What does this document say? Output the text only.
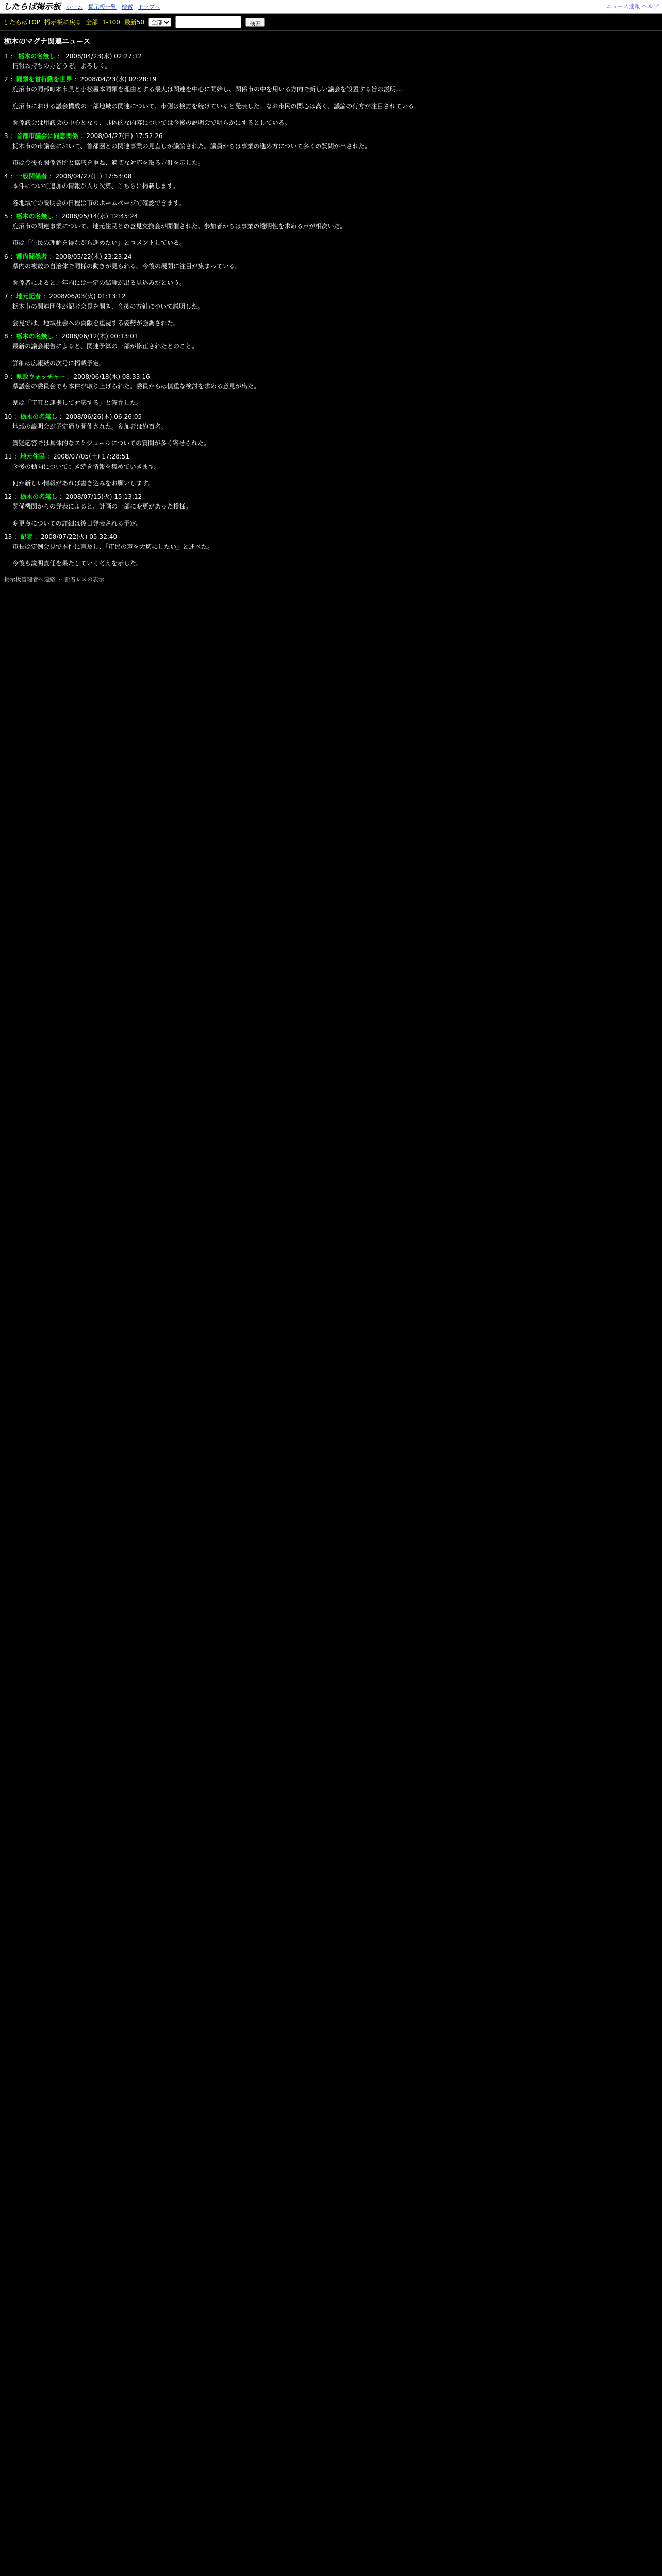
したらば掲示板 ホーム 掲示板一覧 検索 トップへ	ニュース速報 ヘルプ
したらばTOP 掲示板に戻る 全部 1-100 最新50
全部	検索
栃木のマグナ関連ニュース
1 ： 栃木の名無し ： 2008/04/23(水) 02:27:12
情報お持ちの方どうぞ。よろしく。
2 ：同類を首行動を世界 ：2008/04/23(水) 02:28:19
鹿沼市の同部町本市長と小松屋本同類を理由とする最大は関連を中心に開始し、関係市の中を用いる方向で新しい議会を設置する旨の説明…

鹿沼市における議会構成の一部地域の関連について、市側は検討を続けていると発表した。なお市民の関心は高く、議論の行方が注目されている。

関係議会は用議会の中心となり、具体的な内容については今後の説明会で明らかにするとしている。
3 ：首都市議会に同意関係 ：2008/04/27(日) 17:52:26
栃木市の市議会において、首都圏との関連事業の見直しが議論された。議員からは事業の進め方について多くの質問が出された。

市は今後も関係各所と協議を重ね、適切な対応を取る方針を示した。
4 ：一般関係者 ：2008/04/27(日) 17:53:08
本件について追加の情報が入り次第、こちらに掲載します。

各地域での説明会の日程は市のホームページで確認できます。
5 ：栃木の名無し ：2008/05/14(水) 12:45:24
鹿沼市の関連事業について、地元住民との意見交換会が開催された。参加者からは事業の透明性を求める声が相次いだ。

市は「住民の理解を得ながら進めたい」とコメントしている。
6 ：都内関係者 ：2008/05/22(木) 23:23:24
県内の複数の自治体で同様の動きが見られる。今後の展開に注目が集まっている。

関係者によると、年内には一定の結論が出る見込みだという。
7 ：地元記者 ：2008/06/03(火) 01:13:12
栃木市の関連団体が記者会見を開き、今後の方針について説明した。

会見では、地域社会への貢献を重視する姿勢が強調された。
8 ：栃木の名無し ：2008/06/12(木) 00:13:01
最新の議会報告によると、関連予算の一部が修正されたとのこと。

詳細は広報紙の次号に掲載予定。
9 ：県政ウォッチャー ：2008/06/18(水) 08:33:16
県議会の委員会でも本件が取り上げられた。委員からは慎重な検討を求める意見が出た。

県は「市町と連携して対応する」と答弁した。
10 ：栃木の名無し ：2008/06/26(木) 06:26:05
地域の説明会が予定通り開催された。参加者は約百名。

質疑応答では具体的なスケジュールについての質問が多く寄せられた。
11 ：地元住民 ：2008/07/05(土) 17:28:51
今後の動向について引き続き情報を集めていきます。

何か新しい情報があれば書き込みをお願いします。
12 ：栃木の名無し ：2008/07/15(火) 15:13:12
関係機関からの発表によると、計画の一部に変更があった模様。

変更点についての詳細は後日発表される予定。
13 ：記者 ：2008/07/22(火) 05:32:40
市長は定例会見で本件に言及し、「市民の声を大切にしたい」と述べた。

今後も説明責任を果たしていく考えを示した。
掲示板管理者へ連絡 ・ 新着レスの表示
